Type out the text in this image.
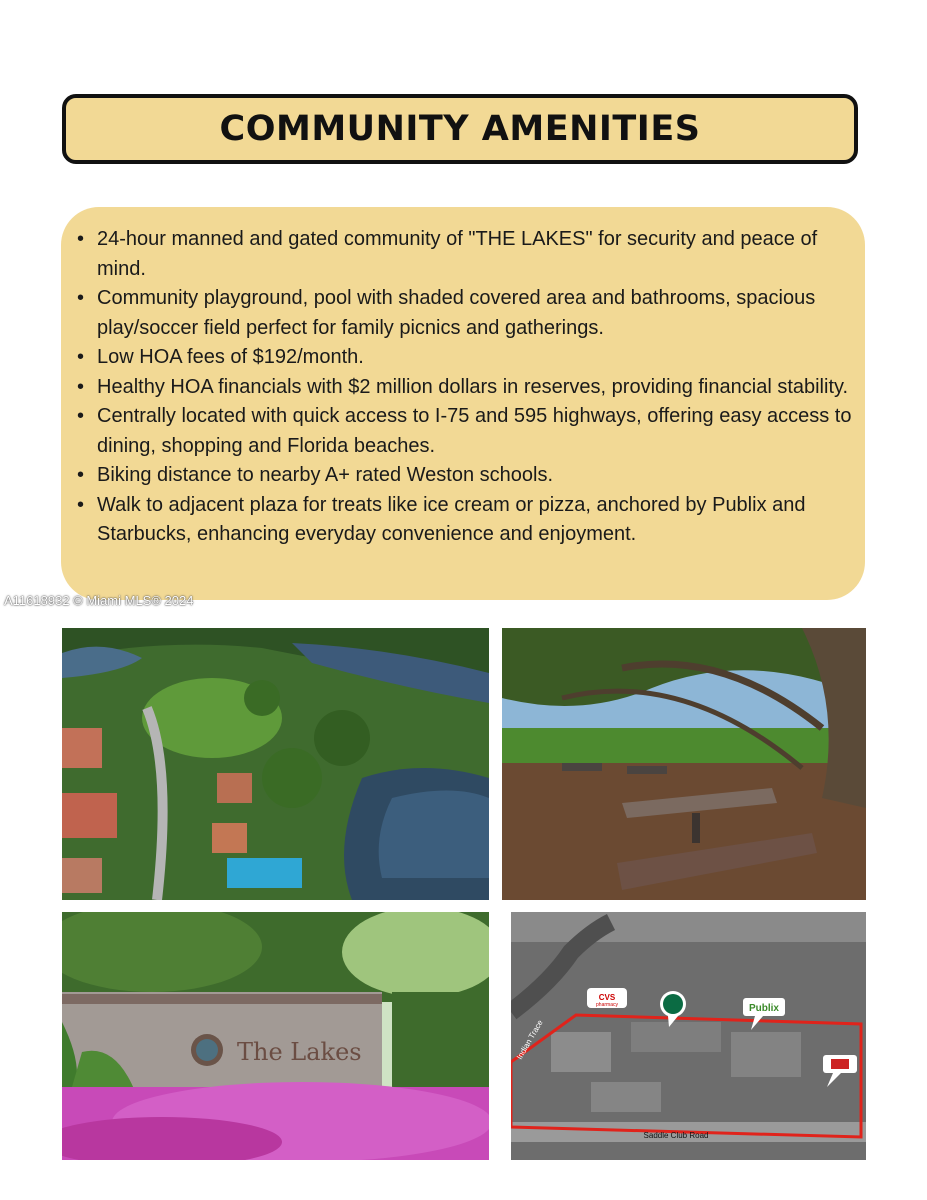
COMMUNITY AMENITIES
• 24-hour manned and gated community of "THE LAKES" for security and peace of mind.
• Community playground, pool with shaded covered area and bathrooms, spacious play/soccer field perfect for family picnics and gatherings.
• Low HOA fees of $192/month.
• Healthy HOA financials with $2 million dollars in reserves, providing financial stability.
• Centrally located with quick access to I-75 and 595 highways, offering easy access to dining, shopping and Florida beaches.
• Biking distance to nearby A+ rated Weston schools.
• Walk to adjacent plaza for treats like ice cream or pizza, anchored by Publix and Starbucks, enhancing everyday convenience and enjoyment.
A11618932 © Miami MLS® 2024
The Lakes
CVS
pharmacy	Publix
Indian Trace
Saddle Club Road
